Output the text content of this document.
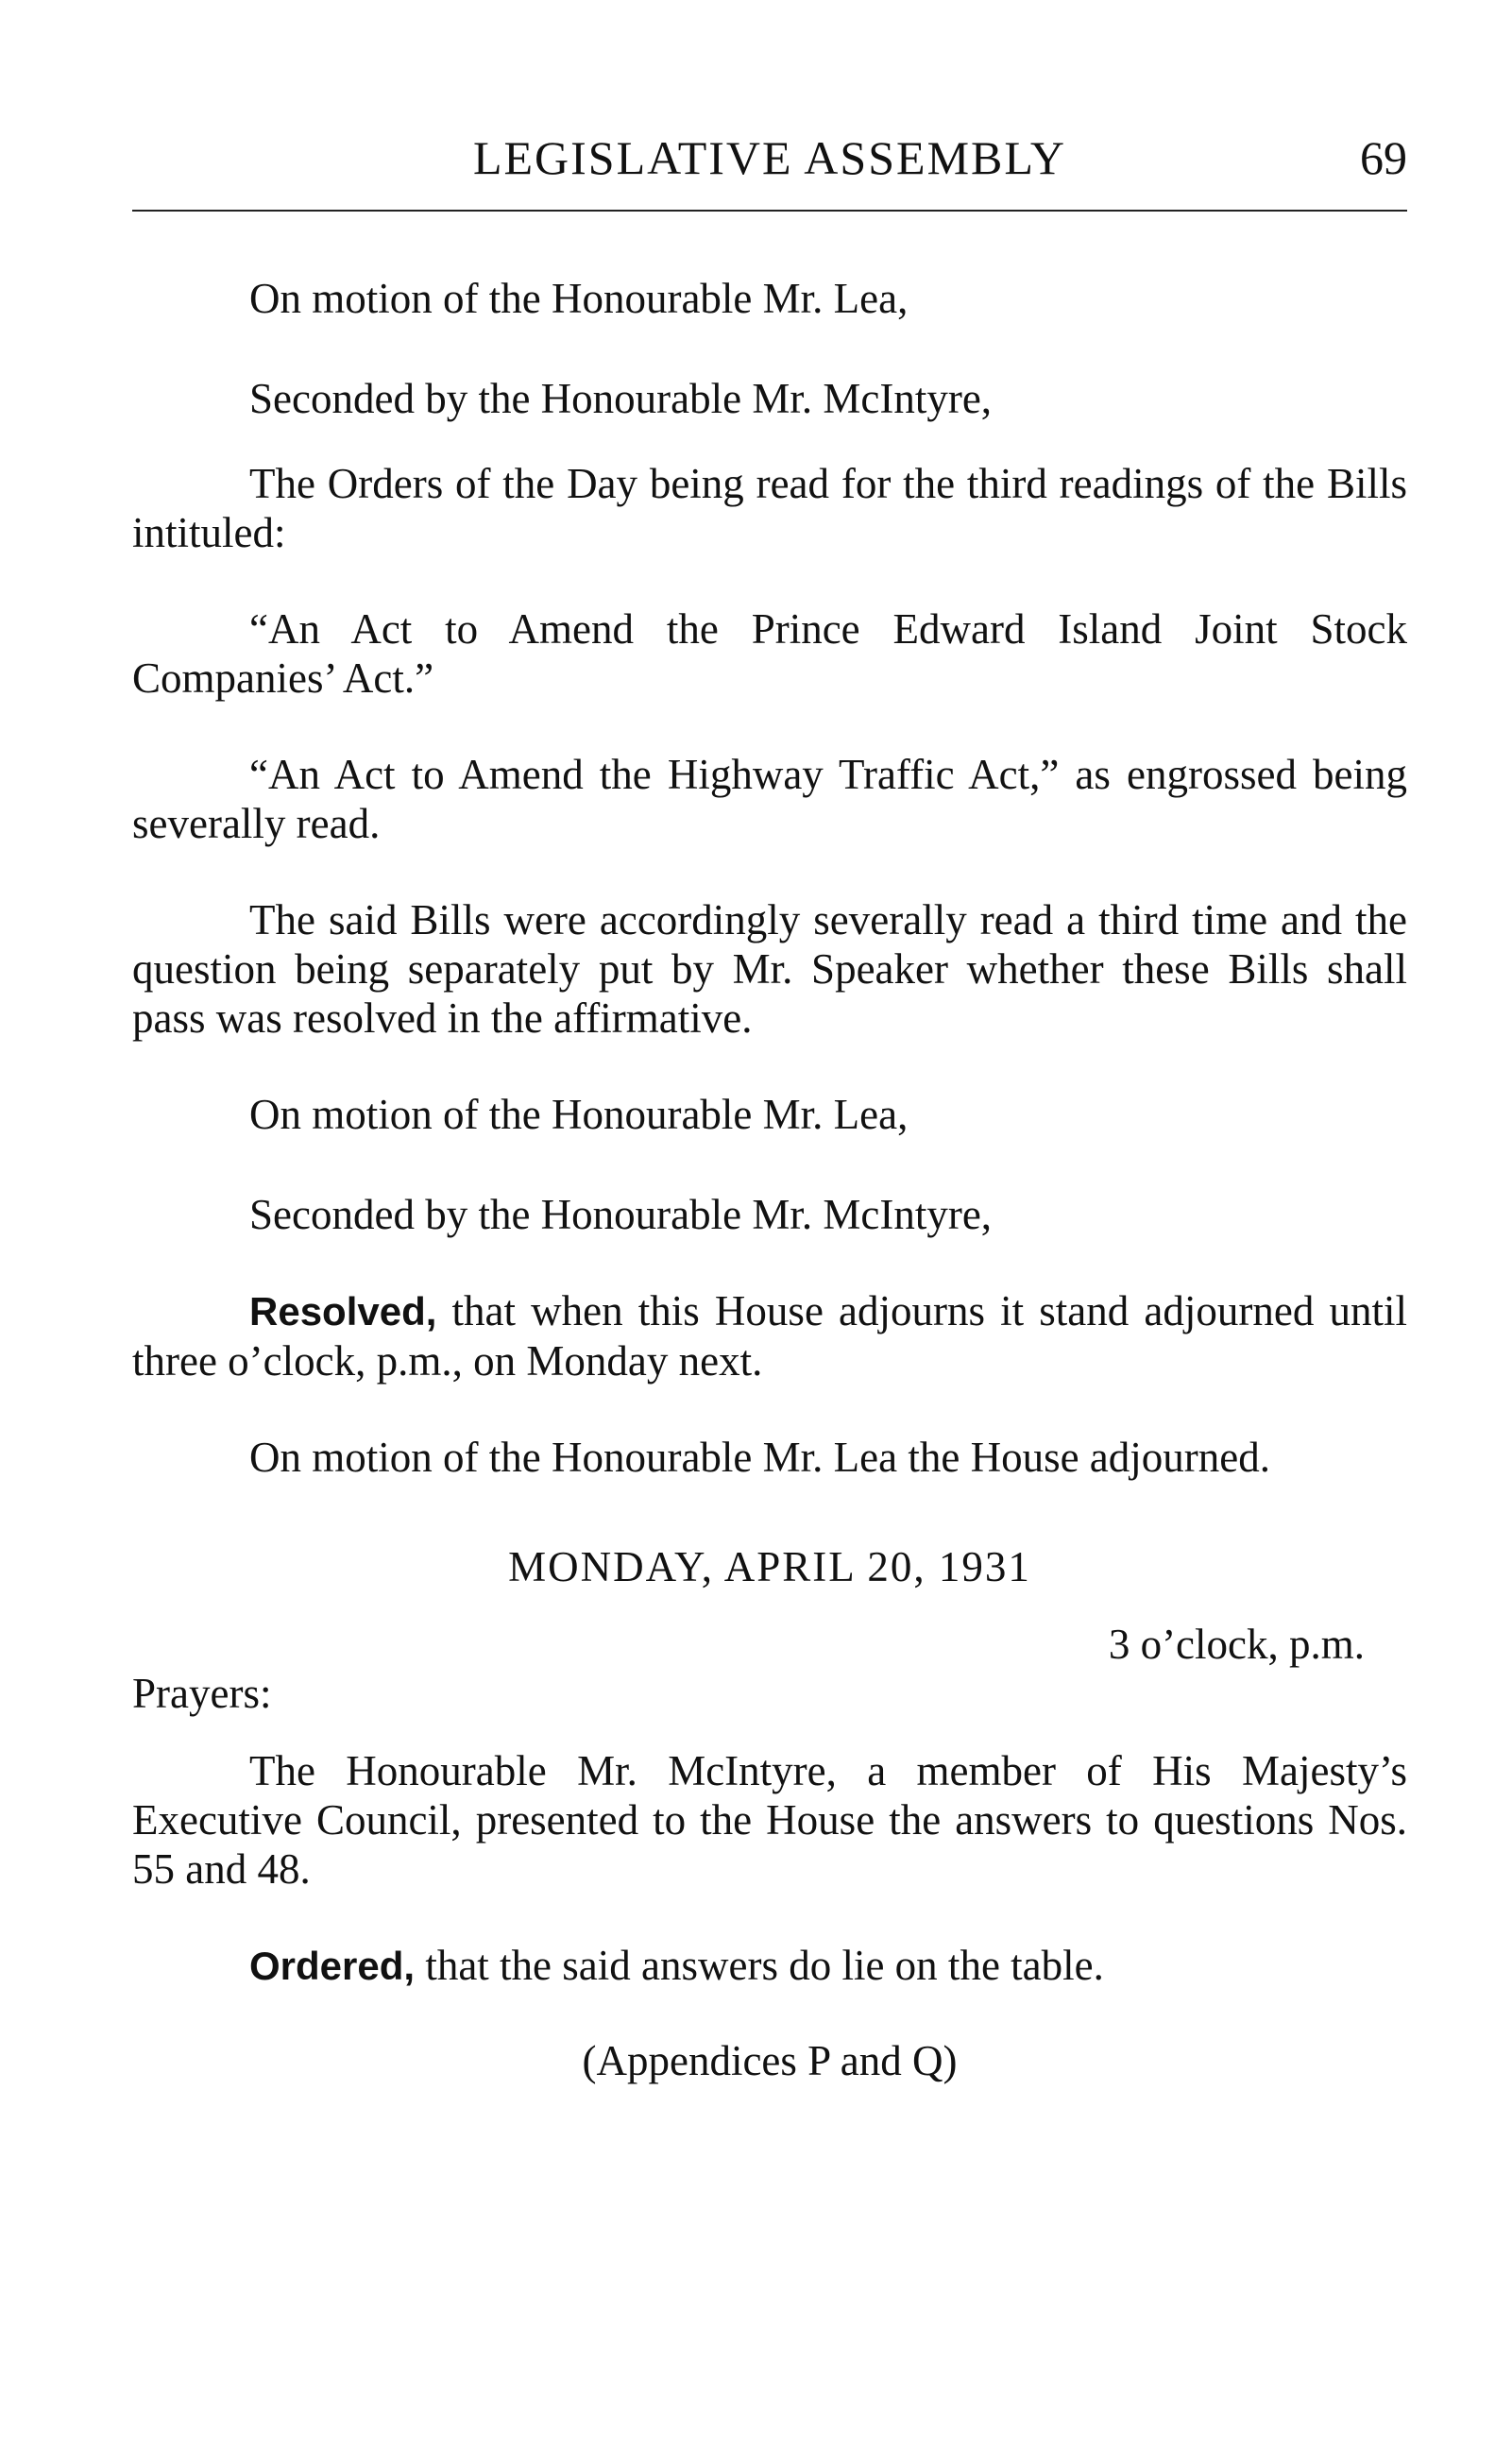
LEGISLATIVE ASSEMBLY	69

On motion of the Honourable Mr. Lea,

Seconded by the Honourable Mr. McIntyre,

The Orders of the Day being read for the third readings of the Bills intituled:

“An Act to Amend the Prince Edward Island Joint Stock Companies’ Act.”

“An Act to Amend the Highway Traffic Act,” as engrossed being severally read.

The said Bills were accordingly severally read a third time and the question being separately put by Mr. Speaker whether these Bills shall pass was resolved in the affirmative.

On motion of the Honourable Mr. Lea,

Seconded by the Honourable Mr. McIntyre,

Resolved, that when this House adjourns it stand adjourned until three o’clock, p.m., on Monday next.

On motion of the Honourable Mr. Lea the House adjourned.

MONDAY, APRIL 20, 1931

3 o’clock, p.m.

Prayers:

The Honourable Mr. McIntyre, a member of His Majesty’s Executive Council, presented to the House the answers to questions Nos. 55 and 48.

Ordered, that the said answers do lie on the table.

(Appendices P and Q)
